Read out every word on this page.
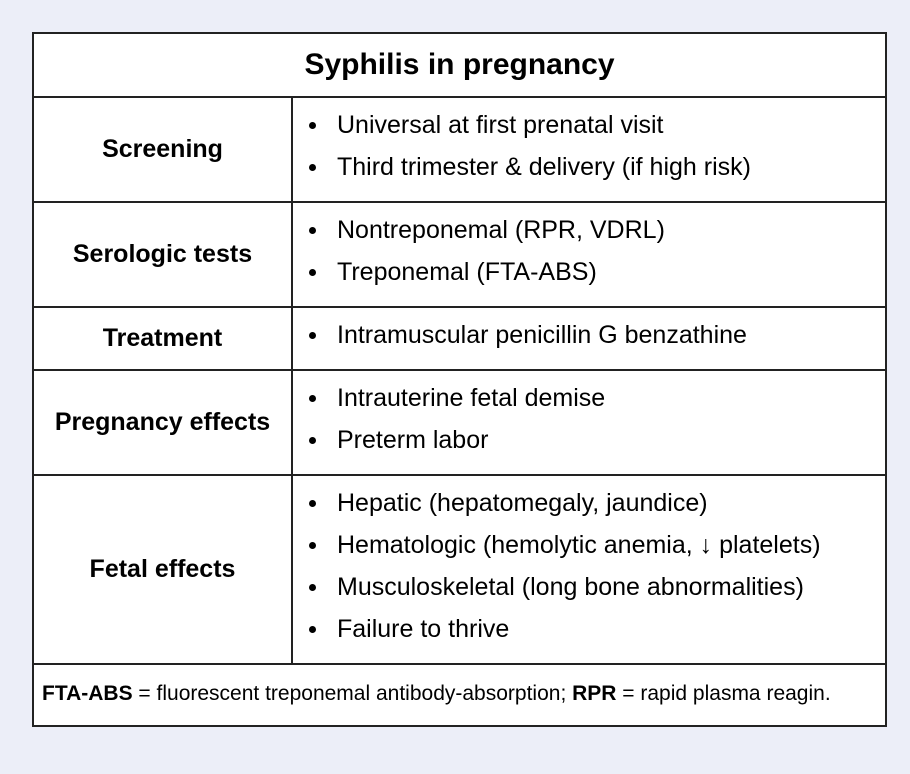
Syphilis in pregnancy
Screening
Universal at first prenatal visit
Third trimester & delivery (if high risk)
Serologic tests
Nontreponemal (RPR, VDRL)
Treponemal (FTA-ABS)
Treatment	Intramuscular penicillin G benzathine
Pregnancy effects
Intrauterine fetal demise
Preterm labor
Fetal effects
Hepatic (hepatomegaly, jaundice)
Hematologic (hemolytic anemia, ↓ platelets)
Musculoskeletal (long bone abnormalities)
Failure to thrive
FTA-ABS = fluorescent treponemal antibody-absorption; RPR = rapid plasma reagin.
